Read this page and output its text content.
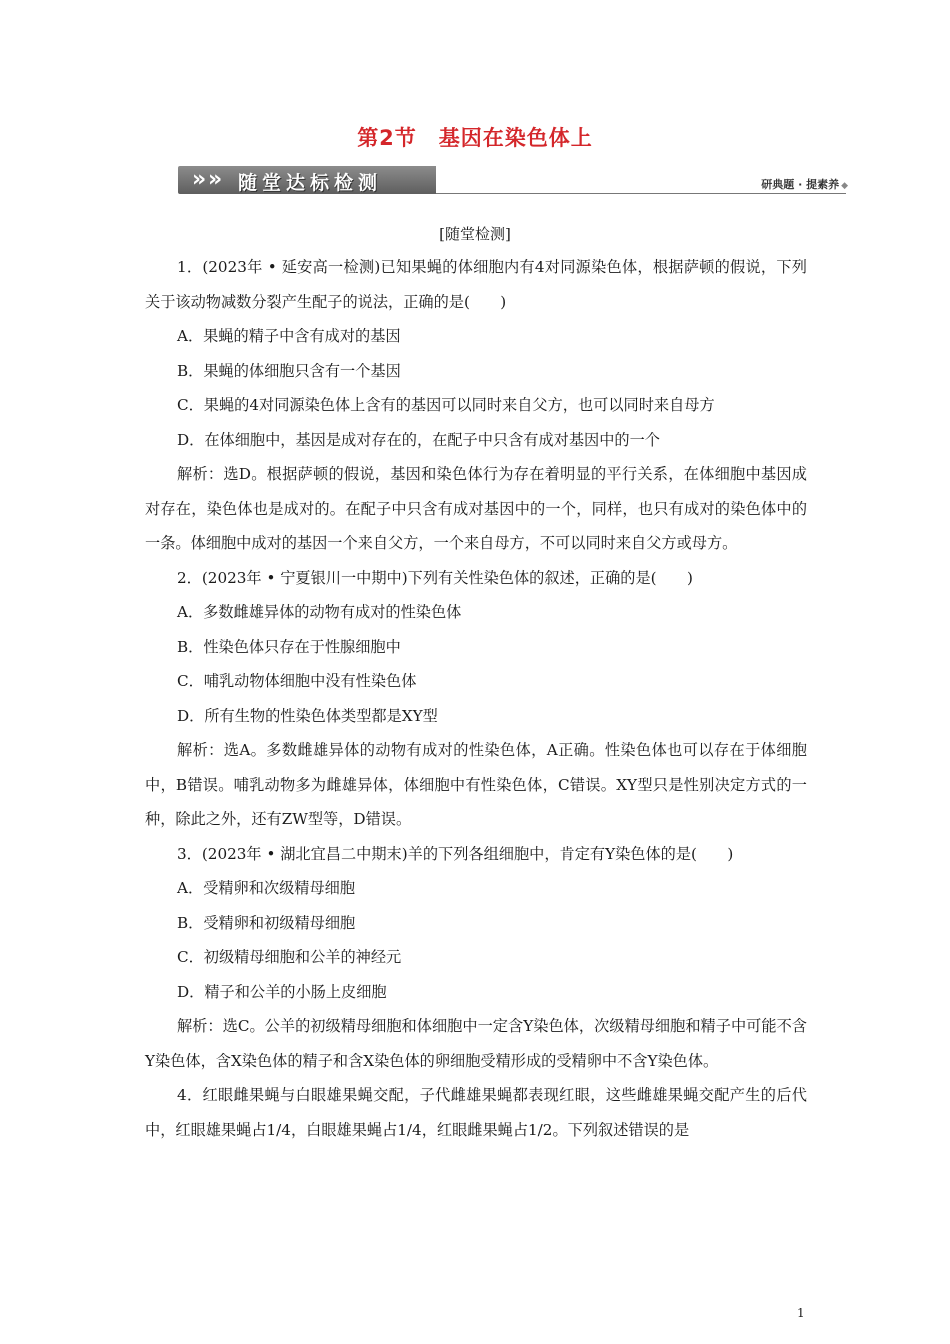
第2节　基因在染色体上
» » 随堂达标检测	研典题 · 提素养 ◆
[随堂检测]
1．(2023年 • 延安高一检测)已知果蝇的体细胞内有4对同源染色体，根据萨顿的假说，下列关于该动物减数分裂产生配子的说法，正确的是(　　)
A．果蝇的精子中含有成对的基因
B．果蝇的体细胞只含有一个基因
C．果蝇的4对同源染色体上含有的基因可以同时来自父方，也可以同时来自母方
D．在体细胞中，基因是成对存在的，在配子中只含有成对基因中的一个
解析：选D。根据萨顿的假说，基因和染色体行为存在着明显的平行关系，在体细胞中基因成对存在，染色体也是成对的。在配子中只含有成对基因中的一个，同样，也只有成对的染色体中的一条。体细胞中成对的基因一个来自父方，一个来自母方，不可以同时来自父方或母方。
2．(2023年 • 宁夏银川一中期中)下列有关性染色体的叙述，正确的是(　　)
A．多数雌雄异体的动物有成对的性染色体
B．性染色体只存在于性腺细胞中
C．哺乳动物体细胞中没有性染色体
D．所有生物的性染色体类型都是XY型
解析：选A。多数雌雄异体的动物有成对的性染色体，A正确。性染色体也可以存在于体细胞中，B错误。哺乳动物多为雌雄异体，体细胞中有性染色体，C错误。XY型只是性别决定方式的一种，除此之外，还有ZW型等，D错误。
3．(2023年 • 湖北宜昌二中期末)羊的下列各组细胞中，肯定有Y染色体的是(　　)
A．受精卵和次级精母细胞
B．受精卵和初级精母细胞
C．初级精母细胞和公羊的神经元
D．精子和公羊的小肠上皮细胞
解析：选C。公羊的初级精母细胞和体细胞中一定含Y染色体，次级精母细胞和精子中可能不含Y染色体，含X染色体的精子和含X染色体的卵细胞受精形成的受精卵中不含Y染色体。
4．红眼雌果蝇与白眼雄果蝇交配，子代雌雄果蝇都表现红眼，这些雌雄果蝇交配产生的后代中，红眼雄果蝇占1/4，白眼雄果蝇占1/4，红眼雌果蝇占1/2。下列叙述错误的是
1
